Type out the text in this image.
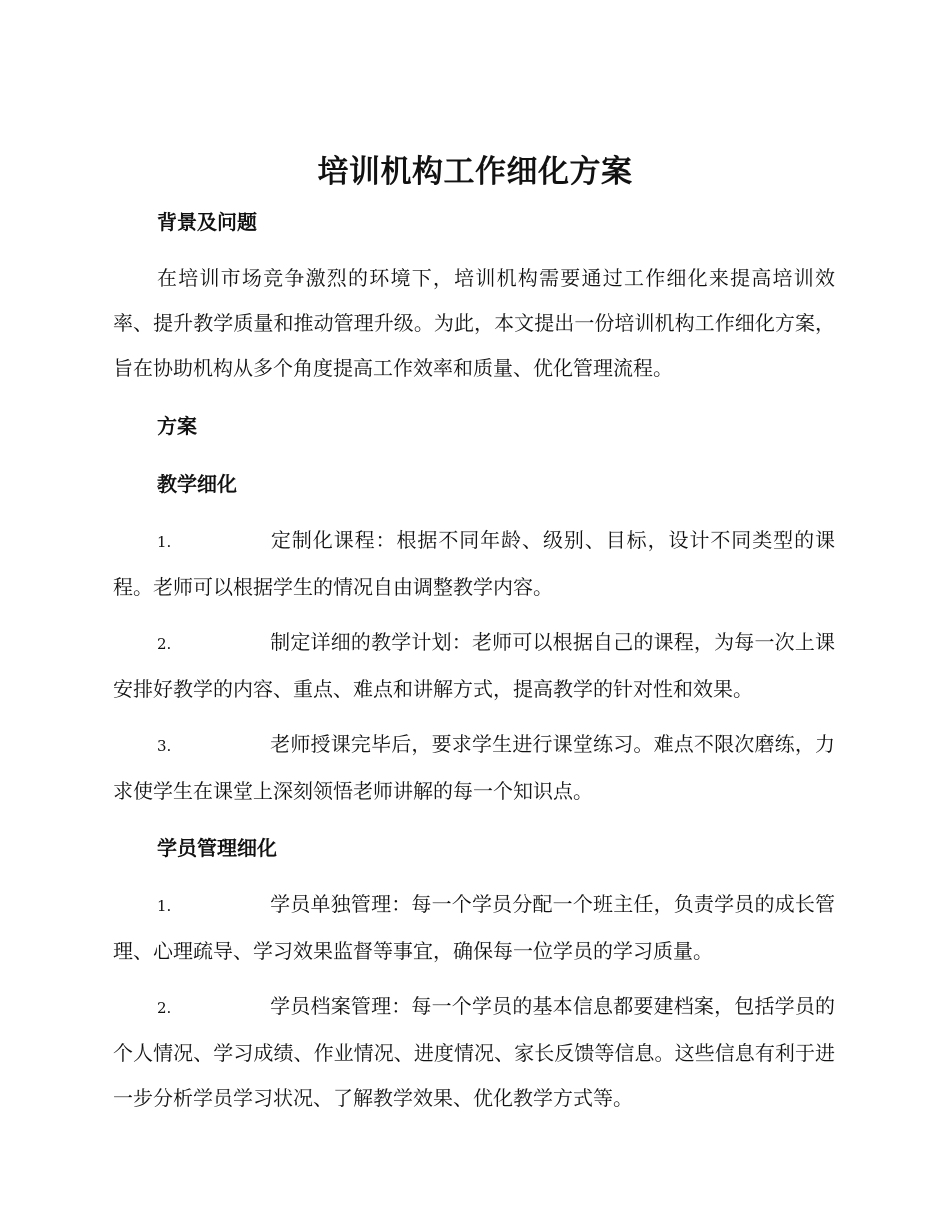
培训机构工作细化方案
背景及问题
在培训市场竞争激烈的环境下，培训机构需要通过工作细化来提高培训效率、提升教学质量和推动管理升级。为此，本文提出一份培训机构工作细化方案，旨在协助机构从多个角度提高工作效率和质量、优化管理流程。
方案
教学细化
1.	定制化课程：根据不同年龄、级别、目标，设计不同类型的课程。老师可以根据学生的情况自由调整教学内容。
2.	制定详细的教学计划：老师可以根据自己的课程，为每一次上课安排好教学的内容、重点、难点和讲解方式，提高教学的针对性和效果。
3.	老师授课完毕后，要求学生进行课堂练习。难点不限次磨练，力求使学生在课堂上深刻领悟老师讲解的每一个知识点。
学员管理细化
1.	学员单独管理：每一个学员分配一个班主任，负责学员的成长管理、心理疏导、学习效果监督等事宜，确保每一位学员的学习质量。
2.	学员档案管理：每一个学员的基本信息都要建档案，包括学员的个人情况、学习成绩、作业情况、进度情况、家长反馈等信息。这些信息有利于进一步分析学员学习状况、了解教学效果、优化教学方式等。
